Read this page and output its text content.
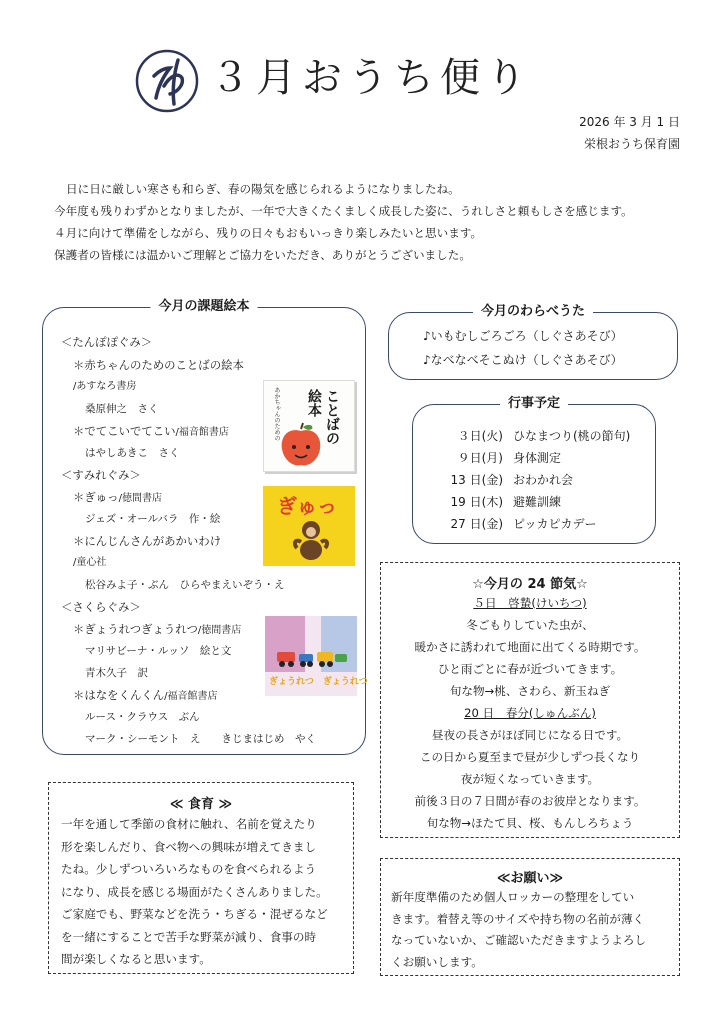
３月おうち便り
2026 年 3 月 1 日
栄根おうち保育園

日に日に厳しい寒さも和らぎ、春の陽気を感じられるようになりましたね。

今年度も残りわずかとなりましたが、一年で大きくたくましく成長した姿に、うれしさと頼もしさを感じます。

４月に向けて準備をしながら、残りの日々もおもいっきり楽しみたいと思います。

保護者の皆様には温かいご理解とご協力をいただき、ありがとうございました。

今月の課題絵本
＜たんぽぽぐみ＞
＊赤ちゃんのためのことばの絵本
/あすなろ書房
桑原伸之　さく
＊でてこいでてこい/福音館書店
はやしあきこ　さく
＜すみれぐみ＞
＊ぎゅっ/徳間書店
ジェズ・オールバラ　作・絵
＊にんじんさんがあかいわけ
/童心社
松谷みよ子・ぶん　ひらやまえいぞう・え
＜さくらぐみ＞
＊ぎょうれつぎょうれつ/徳間書店
マリサビーナ・ルッソ　絵と文
青木久子　訳
＊はなをくんくん/福音館書店
ルース・クラウス　ぶん
マーク・シーモント　え　　きじまはじめ　やく
あかちゃんのための	ことばの
絵本
ぎゅっ
ぎょうれつ　ぎょうれつ
今月のわらべうた
♪いもむしごろごろ（しぐさあそび）
♪なべなべそこぬけ（しぐさあそび）
行事予定
３日(火) ひなまつり(桃の節句)
９日(月) 身体測定
13 日(金) おわかれ会
19 日(木) 避難訓練
27 日(金) ピッカピカデー
☆今月の 24 節気☆
５日　啓蟄(けいちつ)
冬ごもりしていた虫が、
暖かさに誘われて地面に出てくる時期です。
ひと雨ごとに春が近づいてきます。
旬な物→桃、さわら、新玉ねぎ
20 日　春分(しゅんぶん)
昼夜の長さがほぼ同じになる日です。
この日から夏至まで昼が少しずつ長くなり
夜が短くなっていきます。
前後３日の７日間が春のお彼岸となります。
旬な物→ほたて貝、桜、もんしろちょう
≪ 食育 ≫
一年を通して季節の食材に触れ、名前を覚えたり
形を楽しんだり、食べ物への興味が増えてきまし
たね。少しずついろいろなものを食べられるよう
になり、成長を感じる場面がたくさんありました。
ご家庭でも、野菜などを洗う・ちぎる・混ぜるなど
を一緒にすることで苦手な野菜が減り、食事の時
間が楽しくなると思います。
≪お願い≫
新年度準備のため個人ロッカーの整理をしてい
きます。着替え等のサイズや持ち物の名前が薄く
なっていないか、ご確認いただきますようよろし
くお願いします。
